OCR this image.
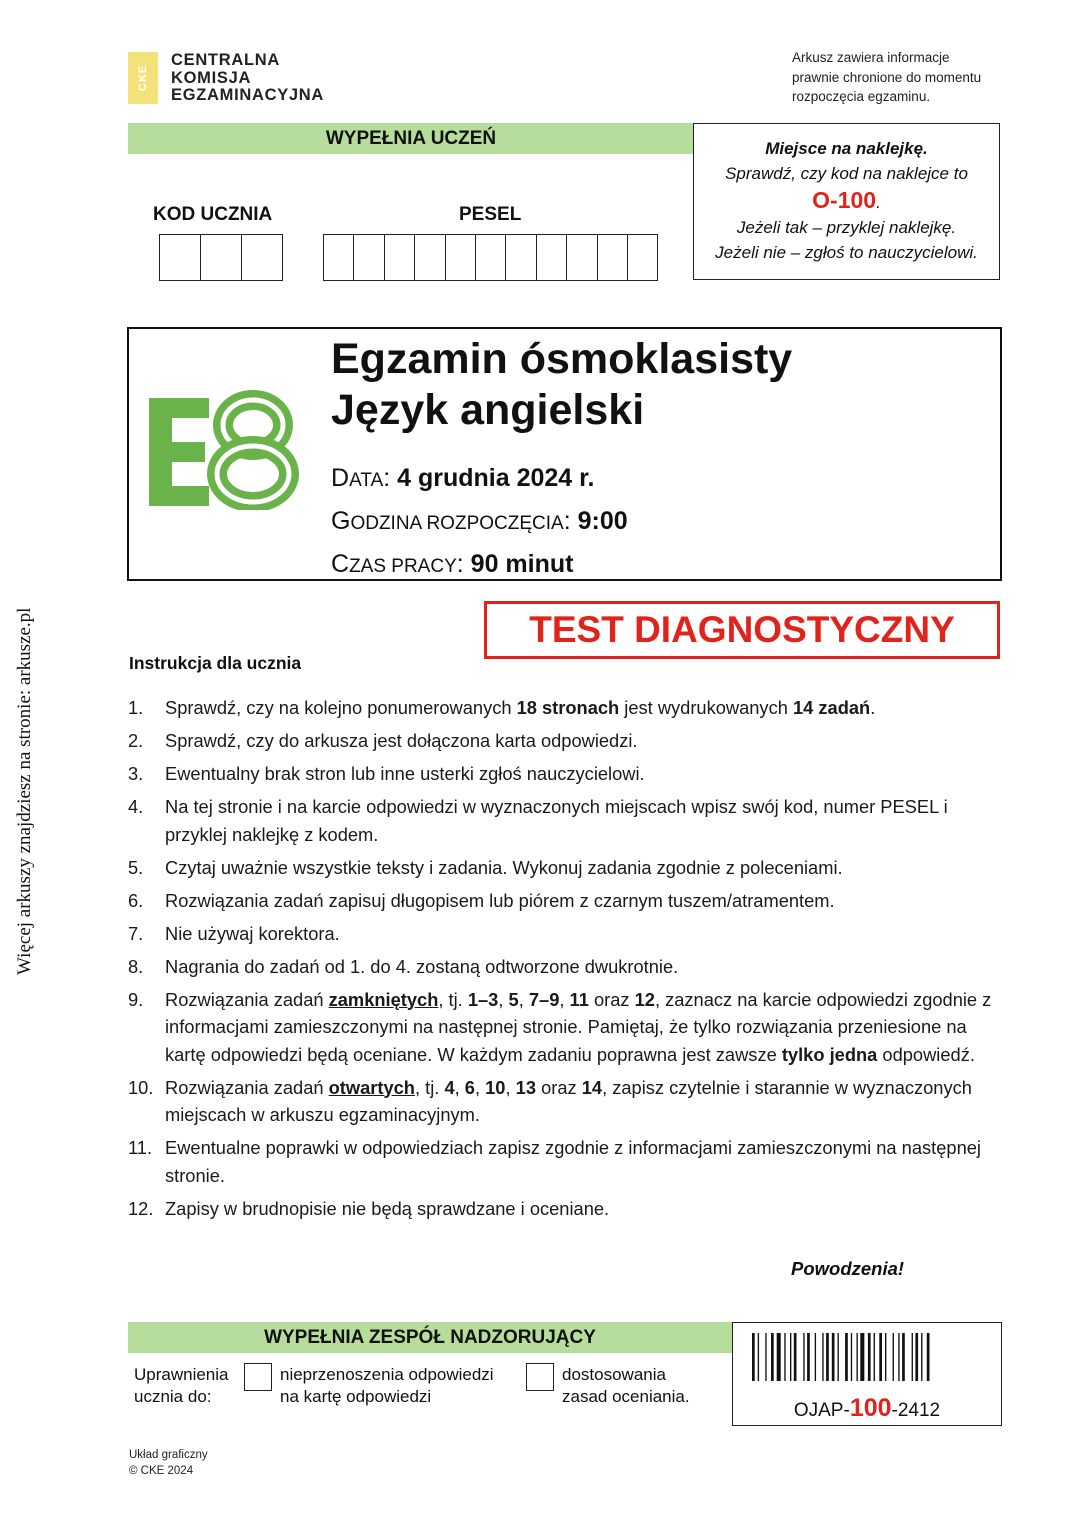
Więcej arkuszy znajdziesz na stronie: arkusze.pl
CKE
CENTRALNA
KOMISJA
EGZAMINACYJNA
Arkusz zawiera informacje
prawnie chronione do momentu
rozpoczęcia egzaminu.
WYPEŁNIA UCZEŃ
KOD UCZNIA	PESEL
Miejsce na naklejkę.
Sprawdź, czy kod na naklejce to
O-100.
Jeżeli tak – przyklej naklejkę.
Jeżeli nie – zgłoś to nauczycielowi.
E8
Egzamin ósmoklasisty
Język angielski
DATA: 4 grudnia 2024 r.
GODZINA ROZPOCZĘCIA: 9:00
CZAS PRACY: 90 minut
TEST DIAGNOSTYCZNY
Instrukcja dla ucznia
1.	Sprawdź, czy na kolejno ponumerowanych 18 stronach jest wydrukowanych 14 zadań.
2.	Sprawdź, czy do arkusza jest dołączona karta odpowiedzi.
3.	Ewentualny brak stron lub inne usterki zgłoś nauczycielowi.
4.	Na tej stronie i na karcie odpowiedzi w wyznaczonych miejscach wpisz swój kod, numer PESEL i przyklej naklejkę z kodem.
5.	Czytaj uważnie wszystkie teksty i zadania. Wykonuj zadania zgodnie z poleceniami.
6.	Rozwiązania zadań zapisuj długopisem lub piórem z czarnym tuszem/atramentem.
7.	Nie używaj korektora.
8.	Nagrania do zadań od 1. do 4. zostaną odtworzone dwukrotnie.
9.	Rozwiązania zadań zamkniętych, tj. 1–3, 5, 7–9, 11 oraz 12, zaznacz na karcie odpowiedzi zgodnie z informacjami zamieszczonymi na następnej stronie. Pamiętaj, że tylko rozwiązania przeniesione na kartę odpowiedzi będą oceniane. W każdym zadaniu poprawna jest zawsze tylko jedna odpowiedź.
10. Rozwiązania zadań otwartych, tj. 4, 6, 10, 13 oraz 14, zapisz czytelnie i starannie w wyznaczonych miejscach w arkuszu egzaminacyjnym.
11. Ewentualne poprawki w odpowiedziach zapisz zgodnie z informacjami zamieszczonymi na następnej stronie.
12. Zapisy w brudnopisie nie będą sprawdzane i oceniane.
Powodzenia!
WYPEŁNIA ZESPÓŁ NADZORUJĄCY
Uprawnienia
ucznia do:
nieprzenoszenia odpowiedzi
na kartę odpowiedzi
dostosowania
zasad oceniania.
OJAP-100-2412
Układ graficzny
© CKE 2024
